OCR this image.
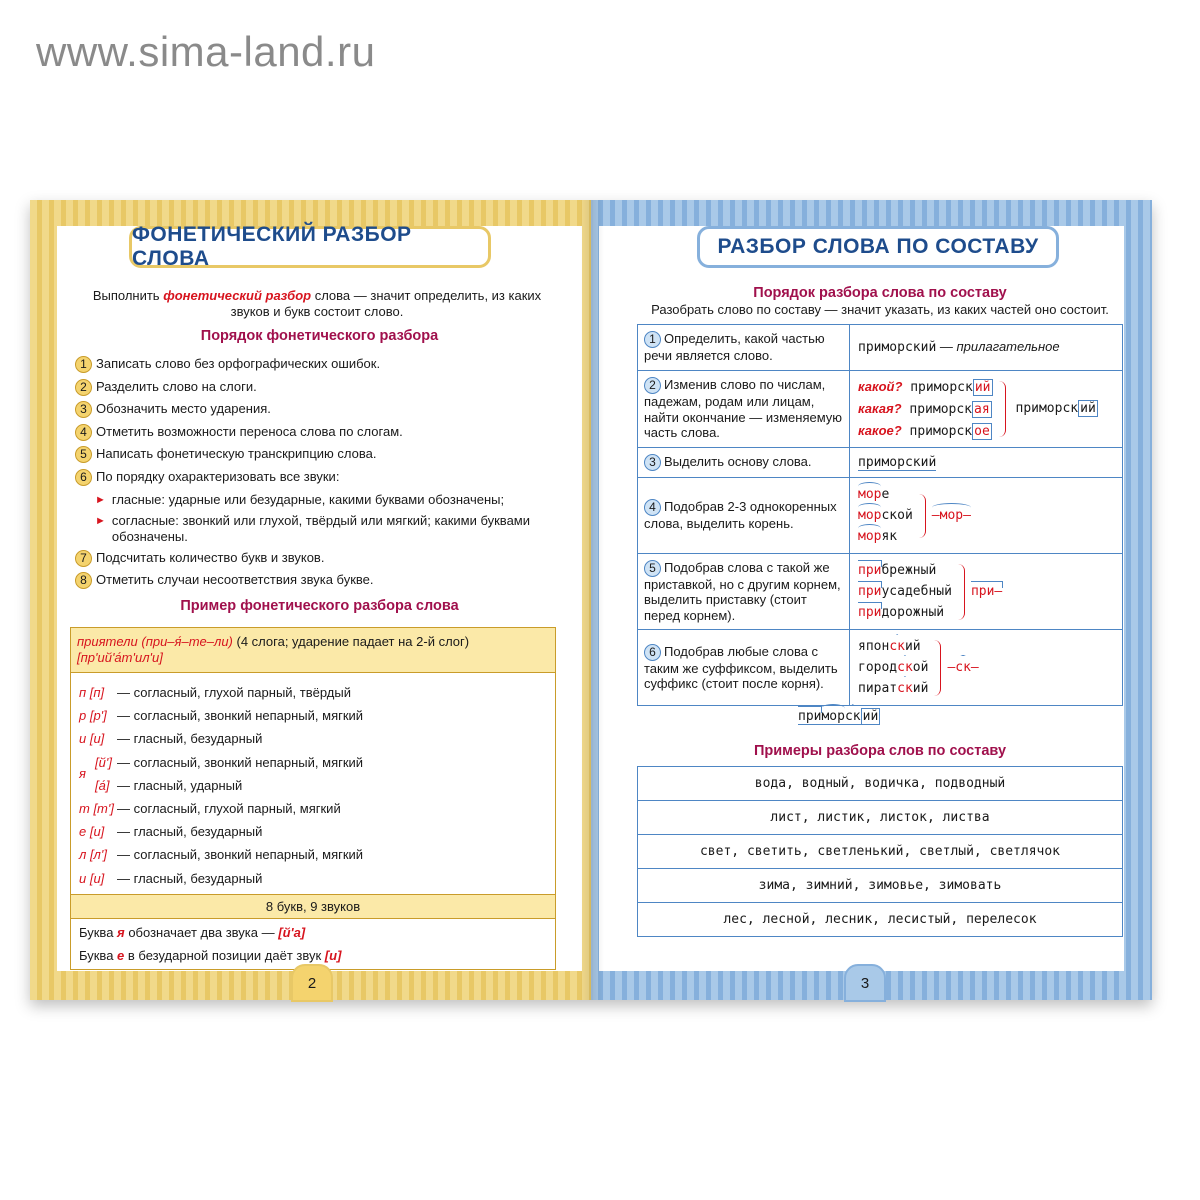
www.sima-land.ru
ФОНЕТИЧЕСКИЙ РАЗБОР СЛОВА
Выполнить фонетический разбор слова — значит определить, из каких
звуков и букв состоит слово.
Порядок фонетического разбора
1 Записать слово без орфографических ошибок.
2 Разделить слово на слоги.
3 Обозначить место ударения.
4 Отметить возможности переноса слова по слогам.
5 Написать фонетическую транскрипцию слова.
6 По порядку охарактеризовать все звуки:
► гласные: ударные или безударные, какими буквами обозначены;
► согласные: звонкий или глухой, твёрдый или мягкий; какими буквами обозначены.
7 Подсчитать количество букв и звуков.
8 Отметить случаи несоответствия звука букве.
Пример фонетического разбора слова
приятели (при–я́–те–ли) (4 слога; ударение падает на 2-й слог) [пр'ий'а́т'ил'и]
п [п] — согласный, глухой парный, твёрдый
р [р'] — согласный, звонкий непарный, мягкий
и [и] — гласный, безударный
я
[й'] — согласный, звонкий непарный, мягкий
[а́] — гласный, ударный
т [т'] — согласный, глухой парный, мягкий
е [и] — гласный, безударный
л [л'] — согласный, звонкий непарный, мягкий
и [и] — гласный, безударный
8 букв, 9 звуков
Буква я обозначает два звука — [й'а]
Буква е в безударной позиции даёт звук [и]
2
РАЗБОР СЛОВА ПО СОСТАВУ
Порядок разбора слова по составу
Разобрать слово по составу — значит указать, из каких частей оно состоит.
1 Определить, какой частью речи является слово.	приморский — прилагательное
2 Изменив слово по числам, падежам, родам или лицам, найти окончание — изменяемую часть слова.	какой? приморск ий
какая? приморск ая
какое? приморск ое
приморск ий

3 Выделить основу слова.	приморский
4 Подобрав 2-3 однокоренных слова, выделить корень.	море
морской
моряк
–мор–

5 Подобрав слова с такой же приставкой, но с другим корнем, выделить приставку (стоит перед корнем).	прибрежный
приусадебный
придорожный
при–

6 Подобрав любые слова с таким же суффиксом, выделить суффикс (стоит после корня).	японский
городской
пиратский
–ск–
приморск ий
Примеры разбора слов по составу
вода, водный, водичка, подводный
лист, листик, листок, листва
свет, светить, светленький, светлый, светлячок
зима, зимний, зимовье, зимовать
лес, лесной, лесник, лесистый, перелесок
3
